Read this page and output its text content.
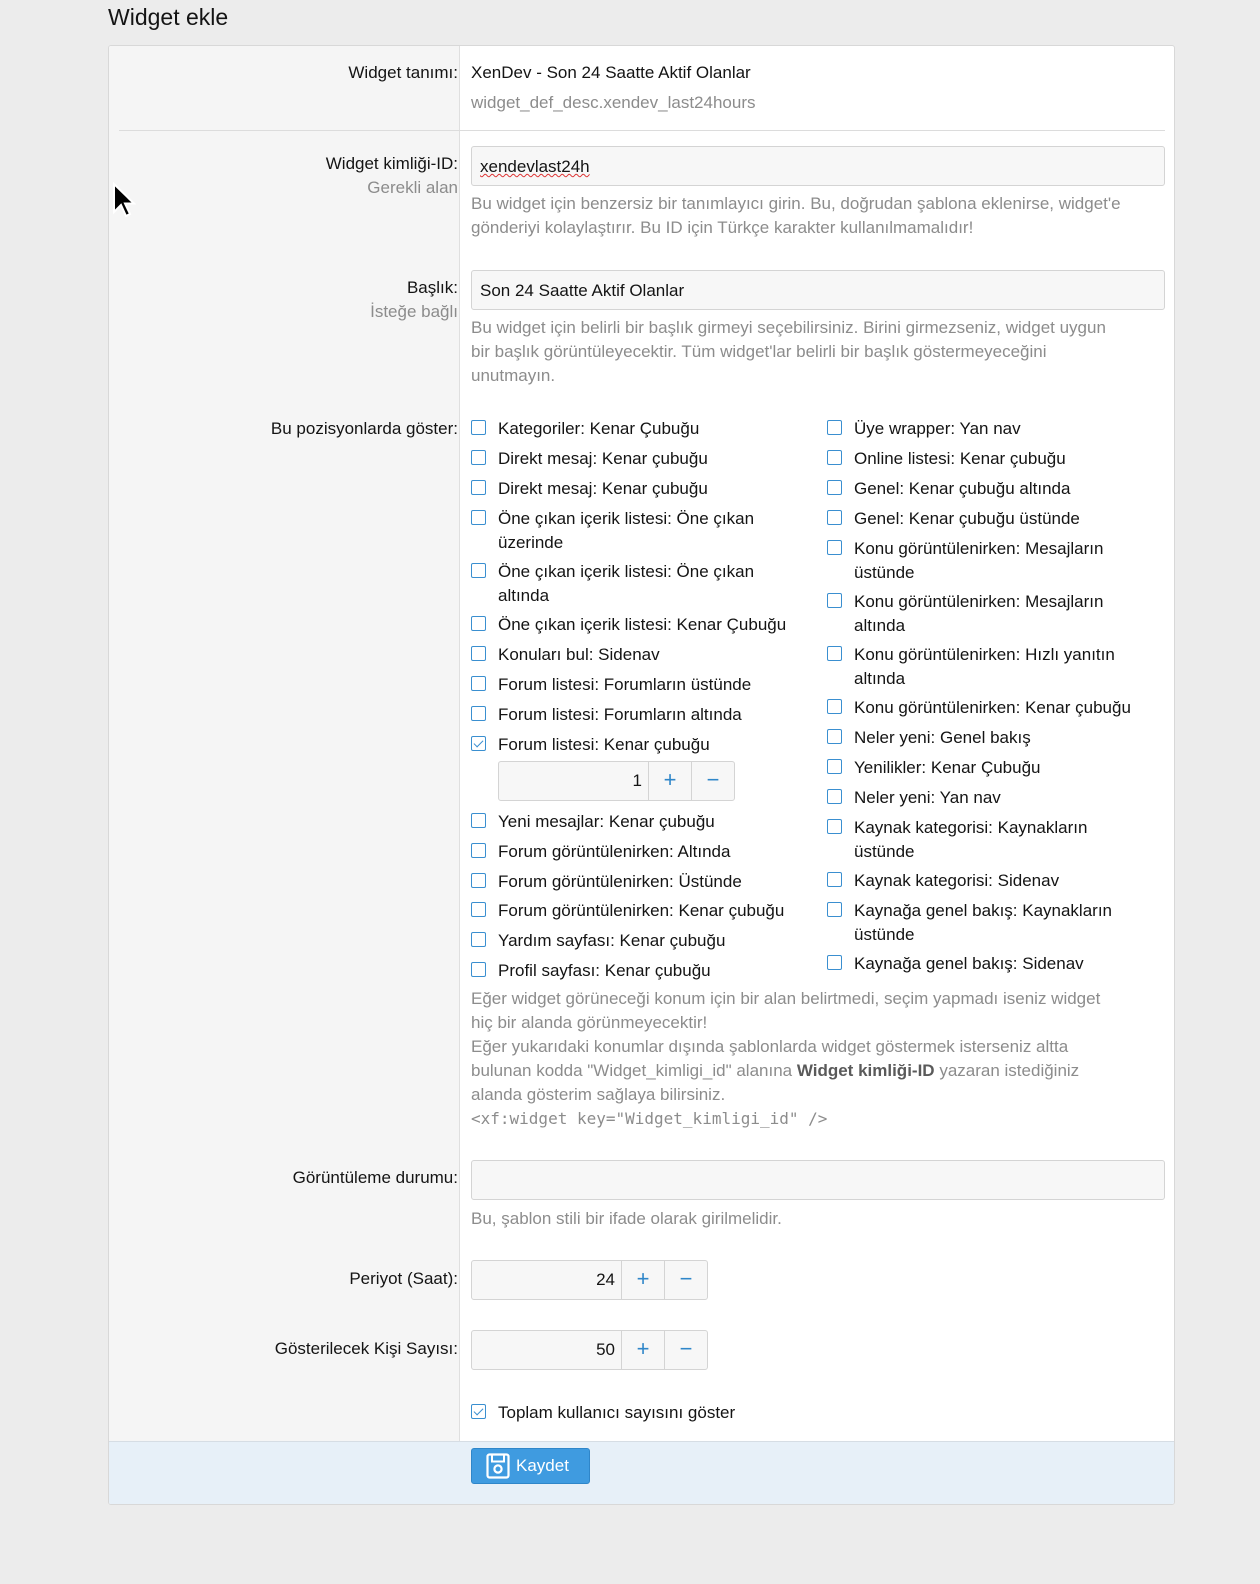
Widget ekle
Widget tanımı: XenDev - Son 24 Saatte Aktif Olanlar
widget_def_desc.xendev_last24hours
Widget kimliği-ID:
Gerekli alan
xendevlast24h
Bu widget için benzersiz bir tanımlayıcı girin. Bu, doğrudan şablona eklenirse, widget'e
gönderiyi kolaylaştırır. Bu ID için Türkçe karakter kullanılmamalıdır!
Başlık:
İsteğe bağlı
Son 24 Saatte Aktif Olanlar
Bu widget için belirli bir başlık girmeyi seçebilirsiniz. Birini girmezseniz, widget uygun
bir başlık görüntüleyecektir. Tüm widget'lar belirli bir başlık göstermeyeceğini
unutmayın.
Bu pozisyonlarda göster: Kategoriler: Kenar Çubuğu
Direkt mesaj: Kenar çubuğu
Direkt mesaj: Kenar çubuğu
Öne çıkan içerik listesi: Öne çıkan
üzerinde
Öne çıkan içerik listesi: Öne çıkan
altında
Öne çıkan içerik listesi: Kenar Çubuğu
Konuları bul: Sidenav
Forum listesi: Forumların üstünde
Forum listesi: Forumların altında
Forum listesi: Kenar çubuğu
Yeni mesajlar: Kenar çubuğu
Forum görüntülenirken: Altında
Forum görüntülenirken: Üstünde
Forum görüntülenirken: Kenar çubuğu
Yardım sayfası: Kenar çubuğu
Profil sayfası: Kenar çubuğu
Üye wrapper: Yan nav
Online listesi: Kenar çubuğu
Genel: Kenar çubuğu altında
Genel: Kenar çubuğu üstünde
Konu görüntülenirken: Mesajların
üstünde
Konu görüntülenirken: Mesajların
altında
Konu görüntülenirken: Hızlı yanıtın
altında
Konu görüntülenirken: Kenar çubuğu
Neler yeni: Genel bakış
Yenilikler: Kenar Çubuğu
Neler yeni: Yan nav
Kaynak kategorisi: Kaynakların
üstünde
Kaynak kategorisi: Sidenav
Kaynağa genel bakış: Kaynakların
üstünde
Kaynağa genel bakış: Sidenav
1 +	−
Eğer widget görüneceği konum için bir alan belirtmedi, seçim yapmadı iseniz widget
hiç bir alanda görünmeyecektir!
Eğer yukarıdaki konumlar dışında şablonlarda widget göstermek isterseniz altta
bulunan kodda "Widget_kimligi_id" alanına Widget kimliği-ID yazaran istediğiniz
alanda gösterim sağlaya bilirsiniz.
<xf:widget key="Widget_kimligi_id" />
Görüntüleme durumu:
Bu, şablon stili bir ifade olarak girilmelidir.
Periyot (Saat):	24 +	−
Gösterilecek Kişi Sayısı:	50 +	−
Toplam kullanıcı sayısını göster
Kaydet
